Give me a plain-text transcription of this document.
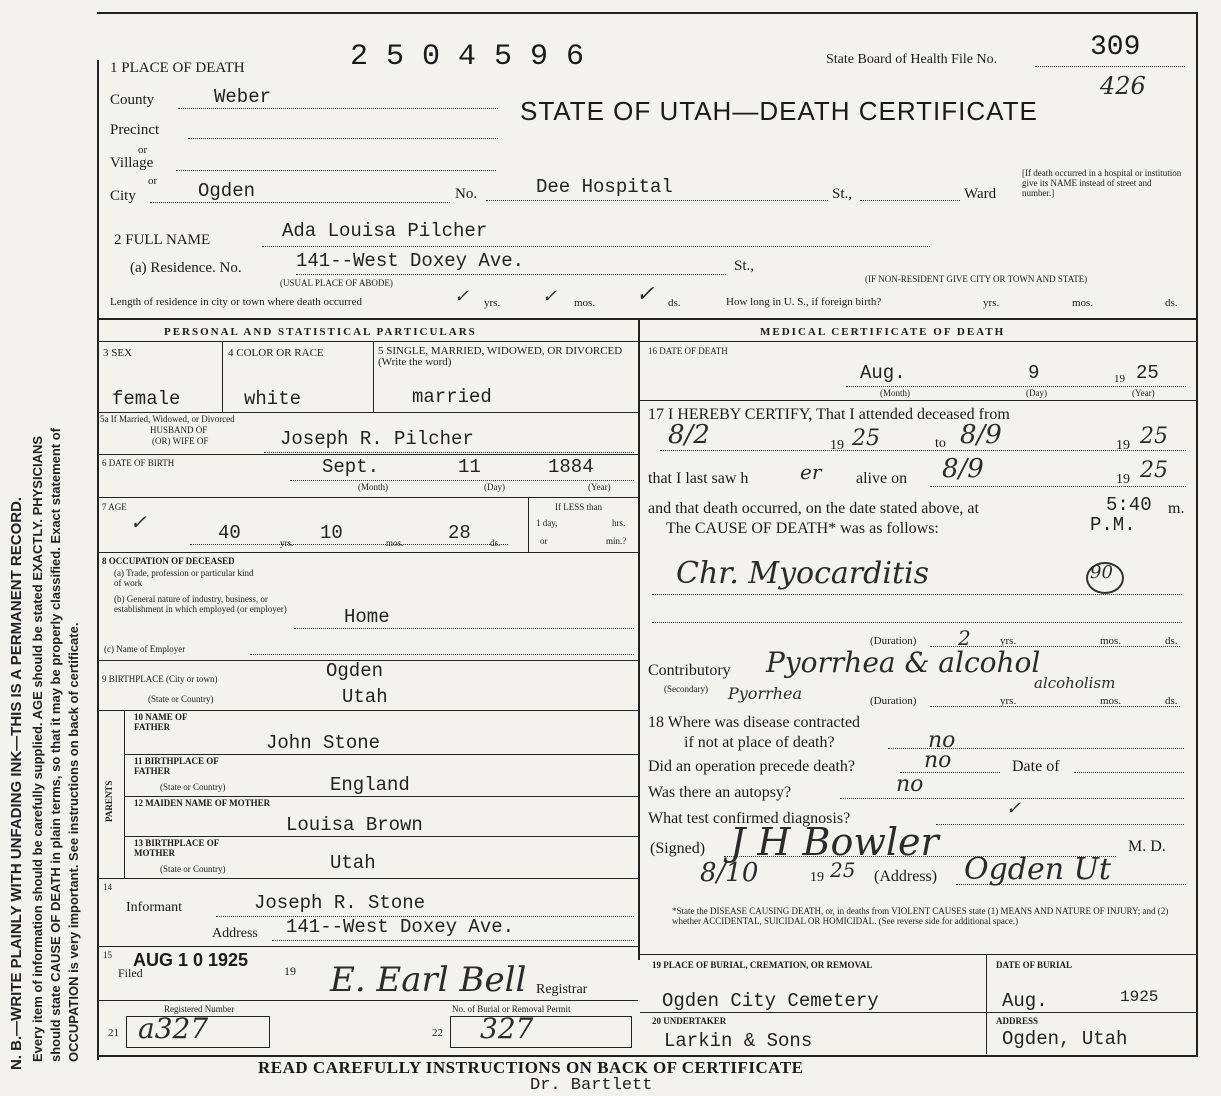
N. B.—WRITE PLAINLY WITH UNFADING INK—THIS IS A PERMANENT RECORD. Every item of information should be carefully supplied. AGE should be stated EXACTLY. PHYSICIANS should state CAUSE OF DEATH in plain terms, so that it may be properly classified. Exact statement of OCCUPATION is very important. See instructions on back of certificate.
1 PLACE OF DEATH	2 5 0 4 5 9 6	State Board of Health File No.	309
426
STATE OF UTAH—DEATH CERTIFICATE
County	Weber
Precinct
or
Village
or
City	Ogden	No.	Dee Hospital	St.,	Ward
[If death occurred in a hospital or institution give its NAME instead of street and number.]
2 FULL NAME	Ada Louisa Pilcher
(a) Residence. No.	141--West Doxey Ave.	St.,
(USUAL PLACE OF ABODE)	(IF NON-RESIDENT GIVE CITY OR TOWN AND STATE)
Length of residence in city or town where death occurred	✓ yrs. ✓ mos. ✓ ds.	How long in U. S., if foreign birth?	yrs.	mos.	ds.
PERSONAL AND STATISTICAL PARTICULARS
3 SEX	4 COLOR OR RACE	5 SINGLE, MARRIED, WIDOWED, OR DIVORCED (Write the word)
female	white	married
5a If Married, Widowed, or Divorced
HUSBAND OF
(OR) WIFE OF	Joseph R. Pilcher
6 DATE OF BIRTH	Sept.	11	1884
(Month)	(Day)	(Year)
7 AGE
✓	40	yrs. 10	mos. 28 ds.
If LESS than
1 day,	hrs.
or	min.?
8 OCCUPATION OF DECEASED
(a) Trade, profession or particular kind of work
(b) General nature of industry, business, or establishment in which employed (or employer)	Home
(c) Name of Employer
9 BIRTHPLACE (City or town)	Ogden
(State or Country)	Utah
PARENTS
10 NAME OF FATHER
John Stone
11 BIRTHPLACE OF FATHER
(State or Country)	England
12 MAIDEN NAME OF MOTHER
Louisa Brown
13 BIRTHPLACE OF MOTHER
(State or Country)	Utah
14
Informant	Joseph R. Stone
Address 141--West Doxey Ave.
15 AUG 1 0 1925
Filed	19 E. Earl Bell Registrar
Registered Number
21 a327
No. of Burial or Removal Permit
22 327
MEDICAL CERTIFICATE OF DEATH
16 DATE OF DEATH
Aug.	9	19 25
(Month)	(Day)	(Year)
17 I HEREBY CERTIFY, That I attended deceased from
8/2	19 25	to 8/9	19 25
that I last saw h	er alive on 8/9	19 25
and that death occurred, on the date stated above, at	5:40 m.
The CAUSE OF DEATH* was as follows:	P.M.
Chr. Myocarditis	90
(Duration) 2	yrs.	mos.	ds.
Contributory Pyorrhea & alcohol
alcoholism
(Secondary) Pyorrhea	(Duration)	yrs.	mos.	ds.
18 Where was disease contracted
if not at place of death?	no
Did an operation precede death?	no	Date of
Was there an autopsy?	no
What test confirmed diagnosis?	✓
(Signed) J H Bowler	M. D.
8/10	19 25 (Address) Ogden Ut
*State the DISEASE CAUSING DEATH, or, in deaths from VIOLENT CAUSES state (1) MEANS AND NATURE OF INJURY; and (2) whether ACCIDENTAL, SUICIDAL OR HOMICIDAL. (See reverse side for additional space.)
19 PLACE OF BURIAL, CREMATION, OR REMOVAL
Ogden City Cemetery
DATE OF BURIAL
Aug.	1925
20 UNDERTAKER
Larkin & Sons
ADDRESS
Ogden, Utah
READ CAREFULLY INSTRUCTIONS ON BACK OF CERTIFICATE
Dr. Bartlett
